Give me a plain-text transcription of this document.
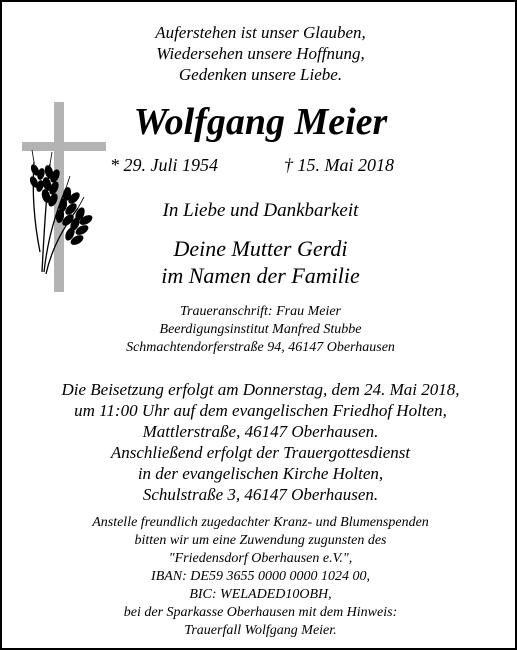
Auferstehen ist unser Glauben,
Wiedersehen unsere Hoffnung,
Gedenken unsere Liebe.
Wolfgang Meier
* 29. Juli 1954	† 15. Mai 2018
In Liebe und Dankbarkeit
Deine Mutter Gerdi
im Namen der Familie
Traueranschrift: Frau Meier
Beerdigungsinstitut Manfred Stubbe
Schmachtendorferstraße 94, 46147 Oberhausen
Die Beisetzung erfolgt am Donnerstag, dem 24. Mai 2018,
um 11:00 Uhr auf dem evangelischen Friedhof Holten,
Mattlerstraße, 46147 Oberhausen.
Anschließend erfolgt der Trauergottesdienst
in der evangelischen Kirche Holten,
Schulstraße 3, 46147 Oberhausen.
Anstelle freundlich zugedachter Kranz- und Blumenspenden
bitten wir um eine Zuwendung zugunsten des
"Friedensdorf Oberhausen e.V.",
IBAN: DE59 3655 0000 0000 1024 00,
BIC: WELADED10OBH,
bei der Sparkasse Oberhausen mit dem Hinweis:
Trauerfall Wolfgang Meier.
